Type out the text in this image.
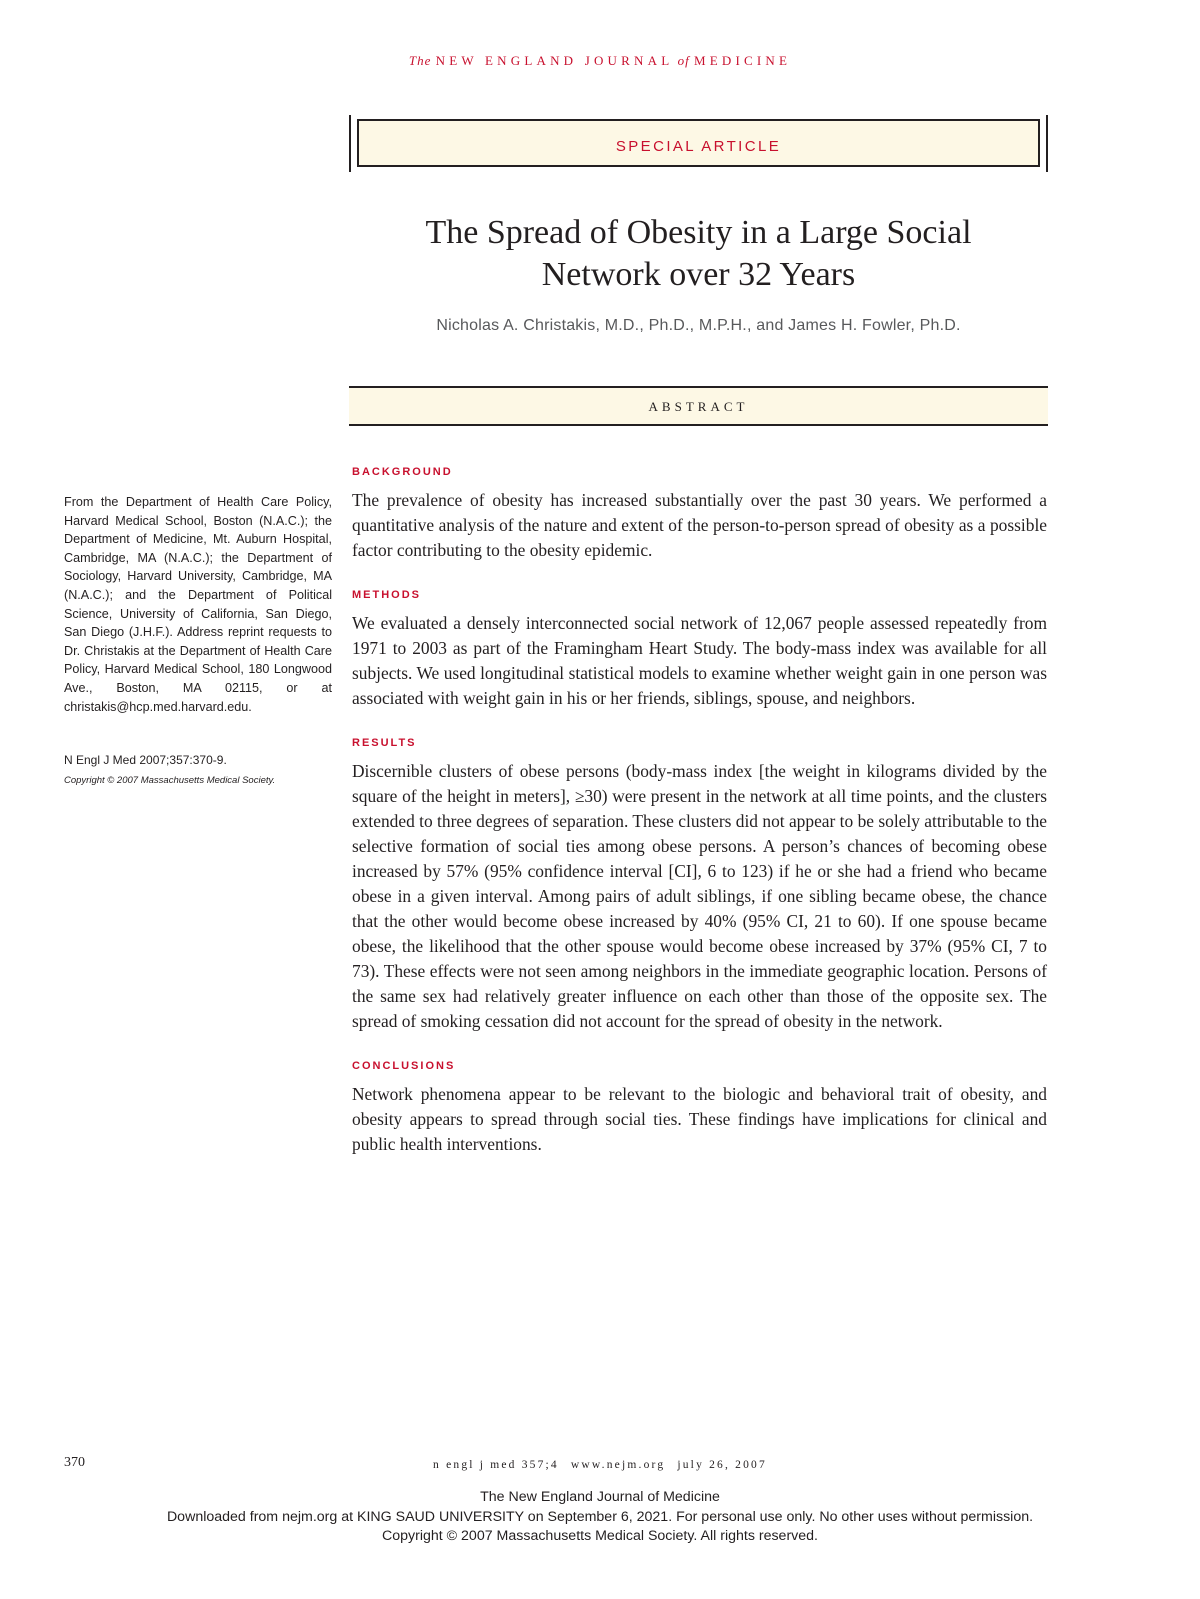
The NEW ENGLAND JOURNAL of MEDICINE
SPECIAL ARTICLE
The Spread of Obesity in a Large Social
Network over 32 Years
Nicholas A. Christakis, M.D., Ph.D., M.P.H., and James H. Fowler, Ph.D.
ABSTRACT
BACKGROUND
The prevalence of obesity has increased substantially over the past 30 years. We performed a quantitative analysis of the nature and extent of the person-to-person spread of obesity as a possible factor contributing to the obesity epidemic.
METHODS
We evaluated a densely interconnected social network of 12,067 people assessed repeatedly from 1971 to 2003 as part of the Framingham Heart Study. The body-mass index was available for all subjects. We used longitudinal statistical models to examine whether weight gain in one person was associated with weight gain in his or her friends, siblings, spouse, and neighbors.
RESULTS
Discernible clusters of obese persons (body-mass index [the weight in kilograms divided by the square of the height in meters], ≥30) were present in the network at all time points, and the clusters extended to three degrees of separation. These clusters did not appear to be solely attributable to the selective formation of social ties among obese persons. A person’s chances of becoming obese increased by 57% (95% confidence interval [CI], 6 to 123) if he or she had a friend who became obese in a given interval. Among pairs of adult siblings, if one sibling became obese, the chance that the other would become obese increased by 40% (95% CI, 21 to 60). If one spouse became obese, the likelihood that the other spouse would become obese increased by 37% (95% CI, 7 to 73). These effects were not seen among neighbors in the immediate geographic location. Persons of the same sex had relatively greater influence on each other than those of the opposite sex. The spread of smoking cessation did not account for the spread of obesity in the network.
CONCLUSIONS
Network phenomena appear to be relevant to the biologic and behavioral trait of obesity, and obesity appears to spread through social ties. These findings have implications for clinical and public health interventions.
From the Department of Health Care Policy, Harvard Medical School, Boston (N.A.C.); the Department of Medicine, Mt. Auburn Hospital, Cambridge, MA (N.A.C.); the Department of Sociology, Harvard University, Cambridge, MA (N.A.C.); and the Department of Political Science, University of California, San Diego, San Diego (J.H.F.). Address reprint requests to Dr. Christakis at the Department of Health Care Policy, Harvard Medical School, 180 Longwood Ave., Boston, MA 02115, or at christakis@hcp.med.harvard.edu.
N Engl J Med 2007;357:370-9.
Copyright © 2007 Massachusetts Medical Society.
370	n engl j med 357;4 www.nejm.org july 26, 2007
The New England Journal of Medicine
Downloaded from nejm.org at KING SAUD UNIVERSITY on September 6, 2021. For personal use only. No other uses without permission.
Copyright © 2007 Massachusetts Medical Society. All rights reserved.
